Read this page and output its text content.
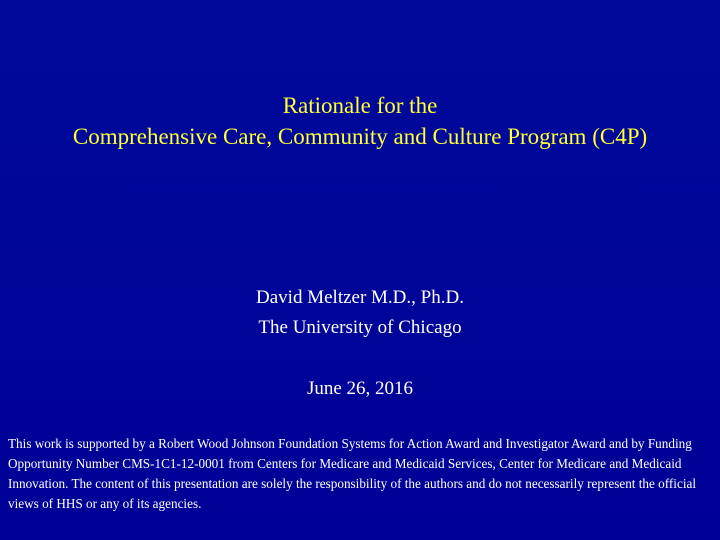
Rationale for the
Comprehensive Care, Community and Culture Program (C4P)
David Meltzer M.D., Ph.D.
The University of Chicago
June 26, 2016
This work is supported by a Robert Wood Johnson Foundation Systems for Action Award and Investigator Award and by Funding Opportunity Number CMS-1C1-12-0001 from Centers for Medicare and Medicaid Services, Center for Medicare and Medicaid Innovation. The content of this presentation are solely the responsibility of the authors and do not necessarily represent the official views of HHS or any of its agencies.
